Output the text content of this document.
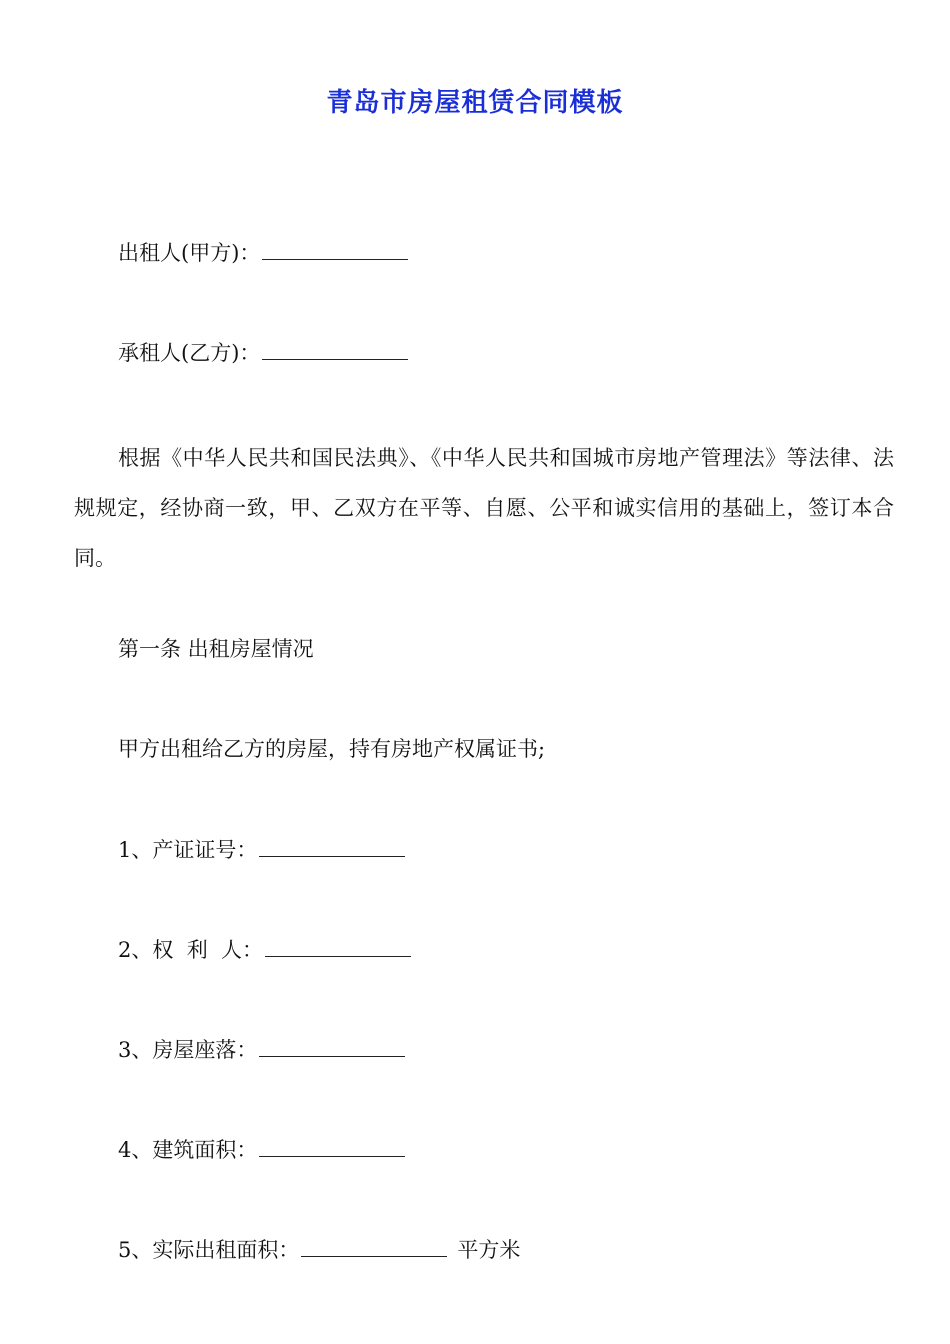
青岛市房屋租赁合同模板
出租人(甲方)：
承租人(乙方)：
根据《中华人民共和国民法典》、《中华人民共和国城市房地产管理法》等法律、法规规定，经协商一致，甲、乙双方在平等、自愿、公平和诚实信用的基础上，签订本合同。
第一条 出租房屋情况
甲方出租给乙方的房屋，持有房地产权属证书;
1、产证证号：
2、权  利  人：
3、房屋座落：
4、建筑面积：
5、实际出租面积：	平方米
